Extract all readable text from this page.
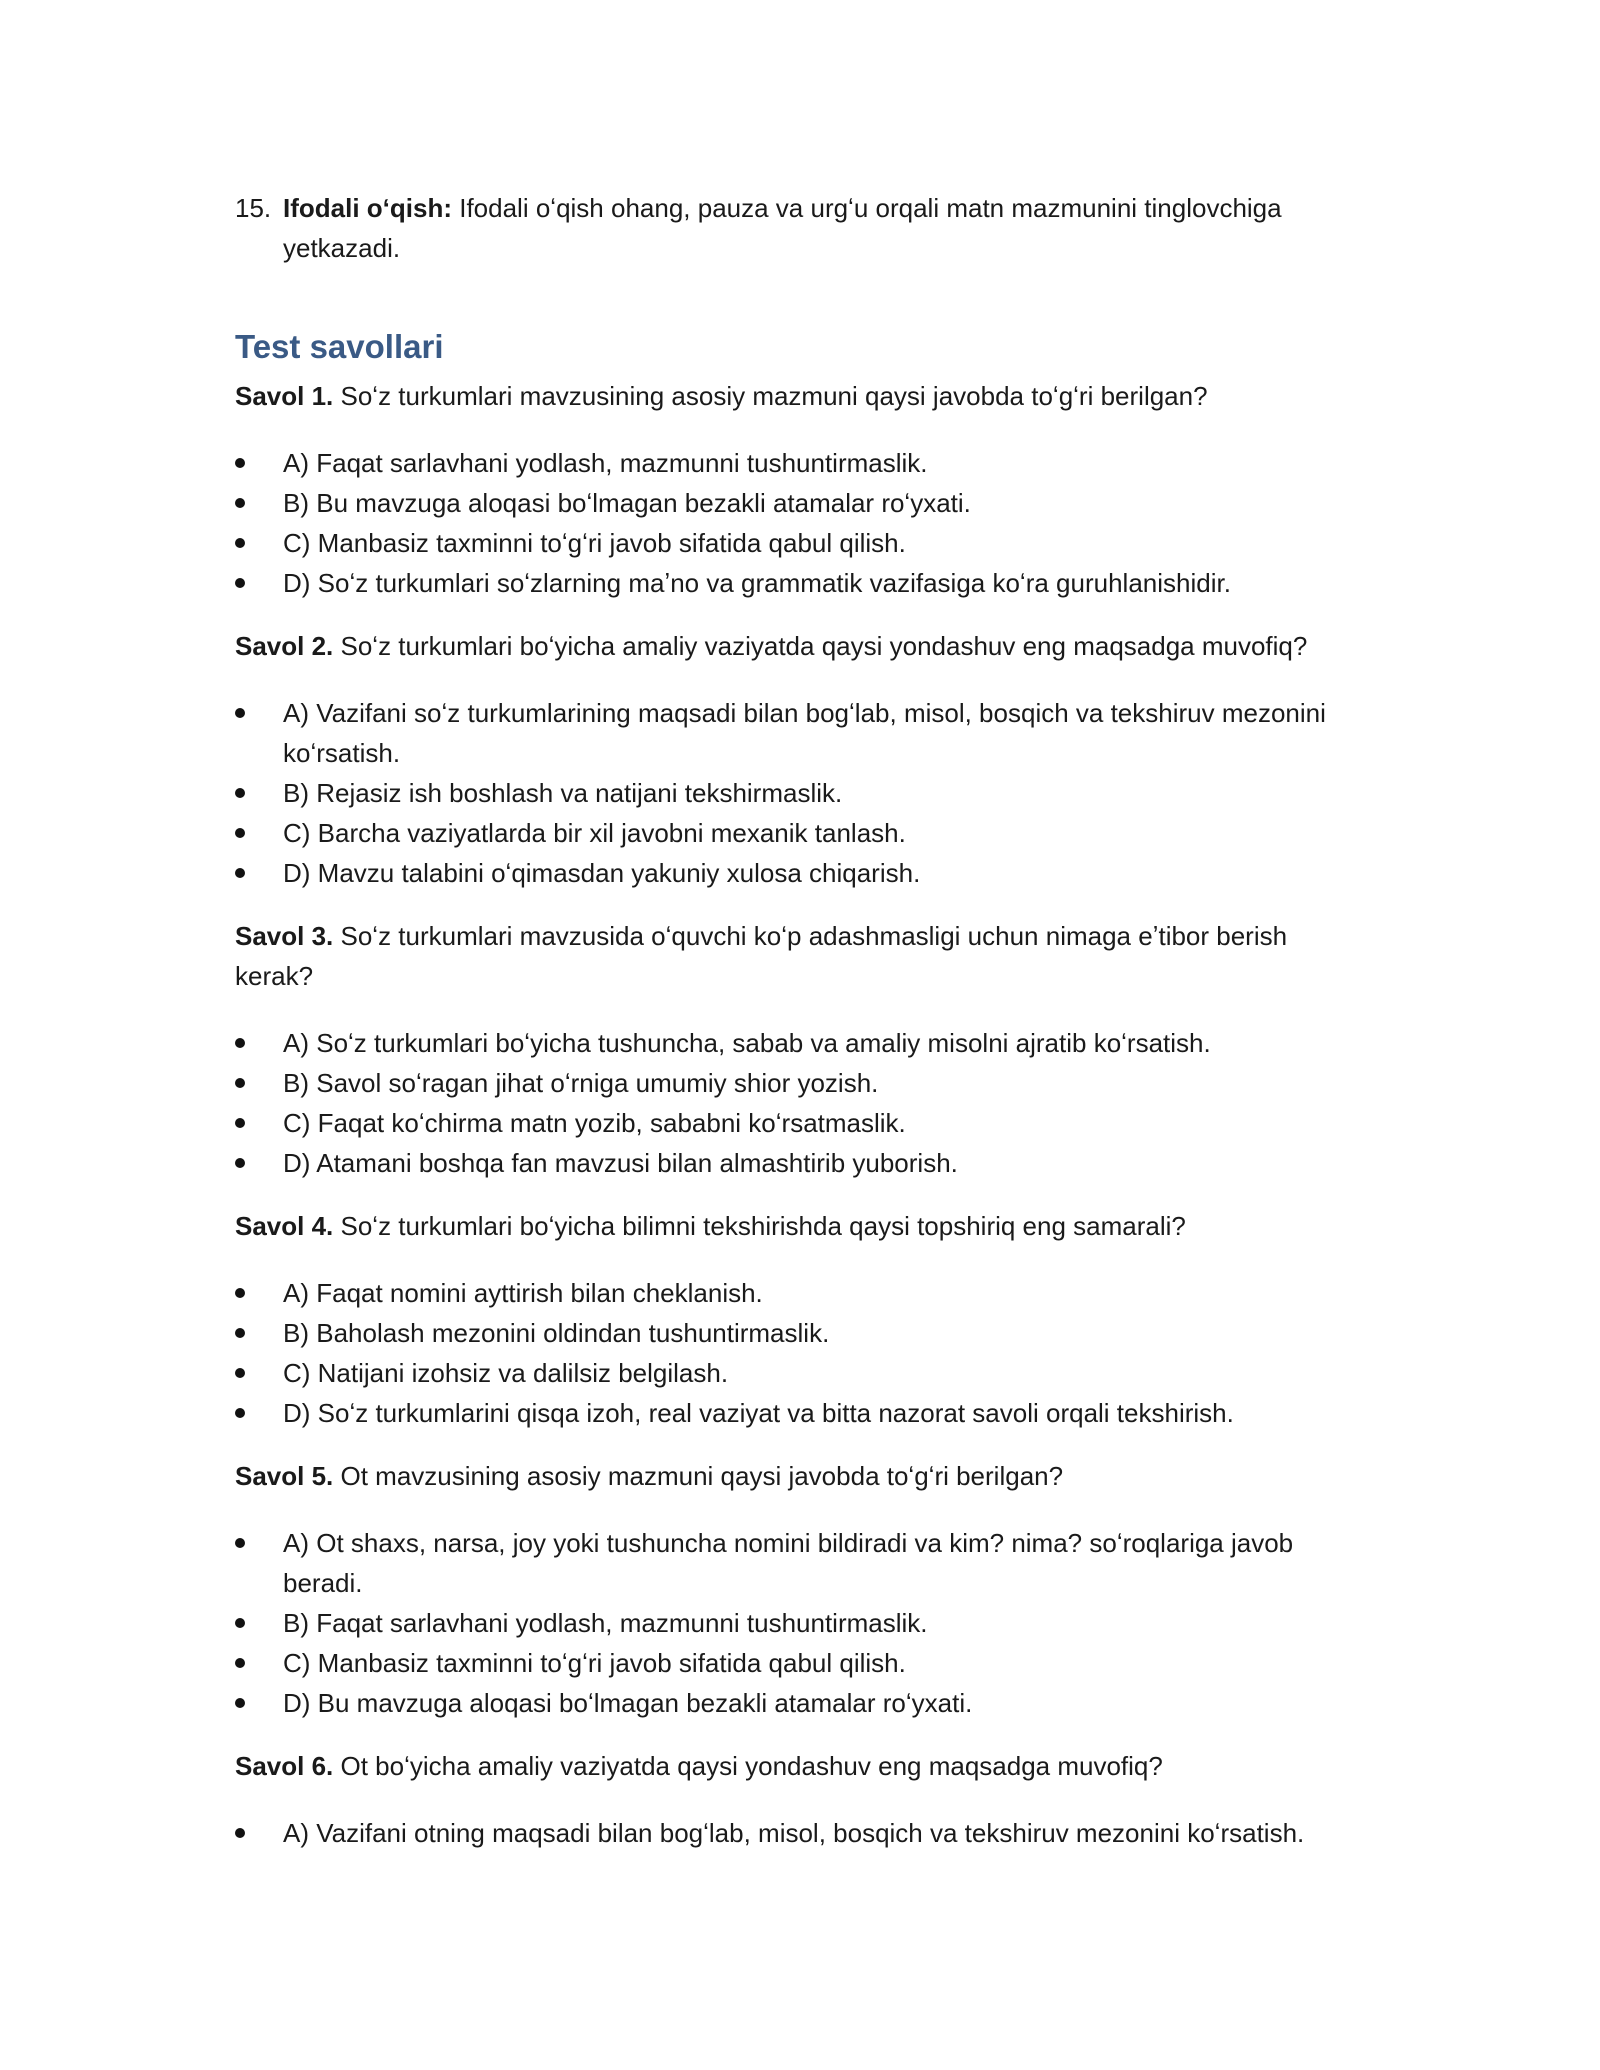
15. Ifodali oʻqish: Ifodali oʻqish ohang, pauza va urgʻu orqali matn mazmunini tinglovchiga yetkazadi.

Test savollari

Savol 1. Soʻz turkumlari mavzusining asosiy mazmuni qaysi javobda toʻgʻri berilgan?

A) Faqat sarlavhani yodlash, mazmunni tushuntirmaslik.
B) Bu mavzuga aloqasi boʻlmagan bezakli atamalar roʻyxati.
C) Manbasiz taxminni toʻgʻri javob sifatida qabul qilish.
D) Soʻz turkumlari soʻzlarning maʼno va grammatik vazifasiga koʻra guruhlanishidir.

Savol 2. Soʻz turkumlari boʻyicha amaliy vaziyatda qaysi yondashuv eng maqsadga muvofiq?

A) Vazifani soʻz turkumlarining maqsadi bilan bogʻlab, misol, bosqich va tekshiruv mezonini koʻrsatish.
B) Rejasiz ish boshlash va natijani tekshirmaslik.
C) Barcha vaziyatlarda bir xil javobni mexanik tanlash.
D) Mavzu talabini oʻqimasdan yakuniy xulosa chiqarish.

Savol 3. Soʻz turkumlari mavzusida oʻquvchi koʻp adashmasligi uchun nimaga eʼtibor berish kerak?

A) Soʻz turkumlari boʻyicha tushuncha, sabab va amaliy misolni ajratib koʻrsatish.
B) Savol soʻragan jihat oʻrniga umumiy shior yozish.
C) Faqat koʻchirma matn yozib, sababni koʻrsatmaslik.
D) Atamani boshqa fan mavzusi bilan almashtirib yuborish.

Savol 4. Soʻz turkumlari boʻyicha bilimni tekshirishda qaysi topshiriq eng samarali?

A) Faqat nomini ayttirish bilan cheklanish.
B) Baholash mezonini oldindan tushuntirmaslik.
C) Natijani izohsiz va dalilsiz belgilash.
D) Soʻz turkumlarini qisqa izoh, real vaziyat va bitta nazorat savoli orqali tekshirish.

Savol 5. Ot mavzusining asosiy mazmuni qaysi javobda toʻgʻri berilgan?

A) Ot shaxs, narsa, joy yoki tushuncha nomini bildiradi va kim? nima? soʻroqlariga javob beradi.
B) Faqat sarlavhani yodlash, mazmunni tushuntirmaslik.
C) Manbasiz taxminni toʻgʻri javob sifatida qabul qilish.
D) Bu mavzuga aloqasi boʻlmagan bezakli atamalar roʻyxati.

Savol 6. Ot boʻyicha amaliy vaziyatda qaysi yondashuv eng maqsadga muvofiq?

A) Vazifani otning maqsadi bilan bogʻlab, misol, bosqich va tekshiruv mezonini koʻrsatish.
